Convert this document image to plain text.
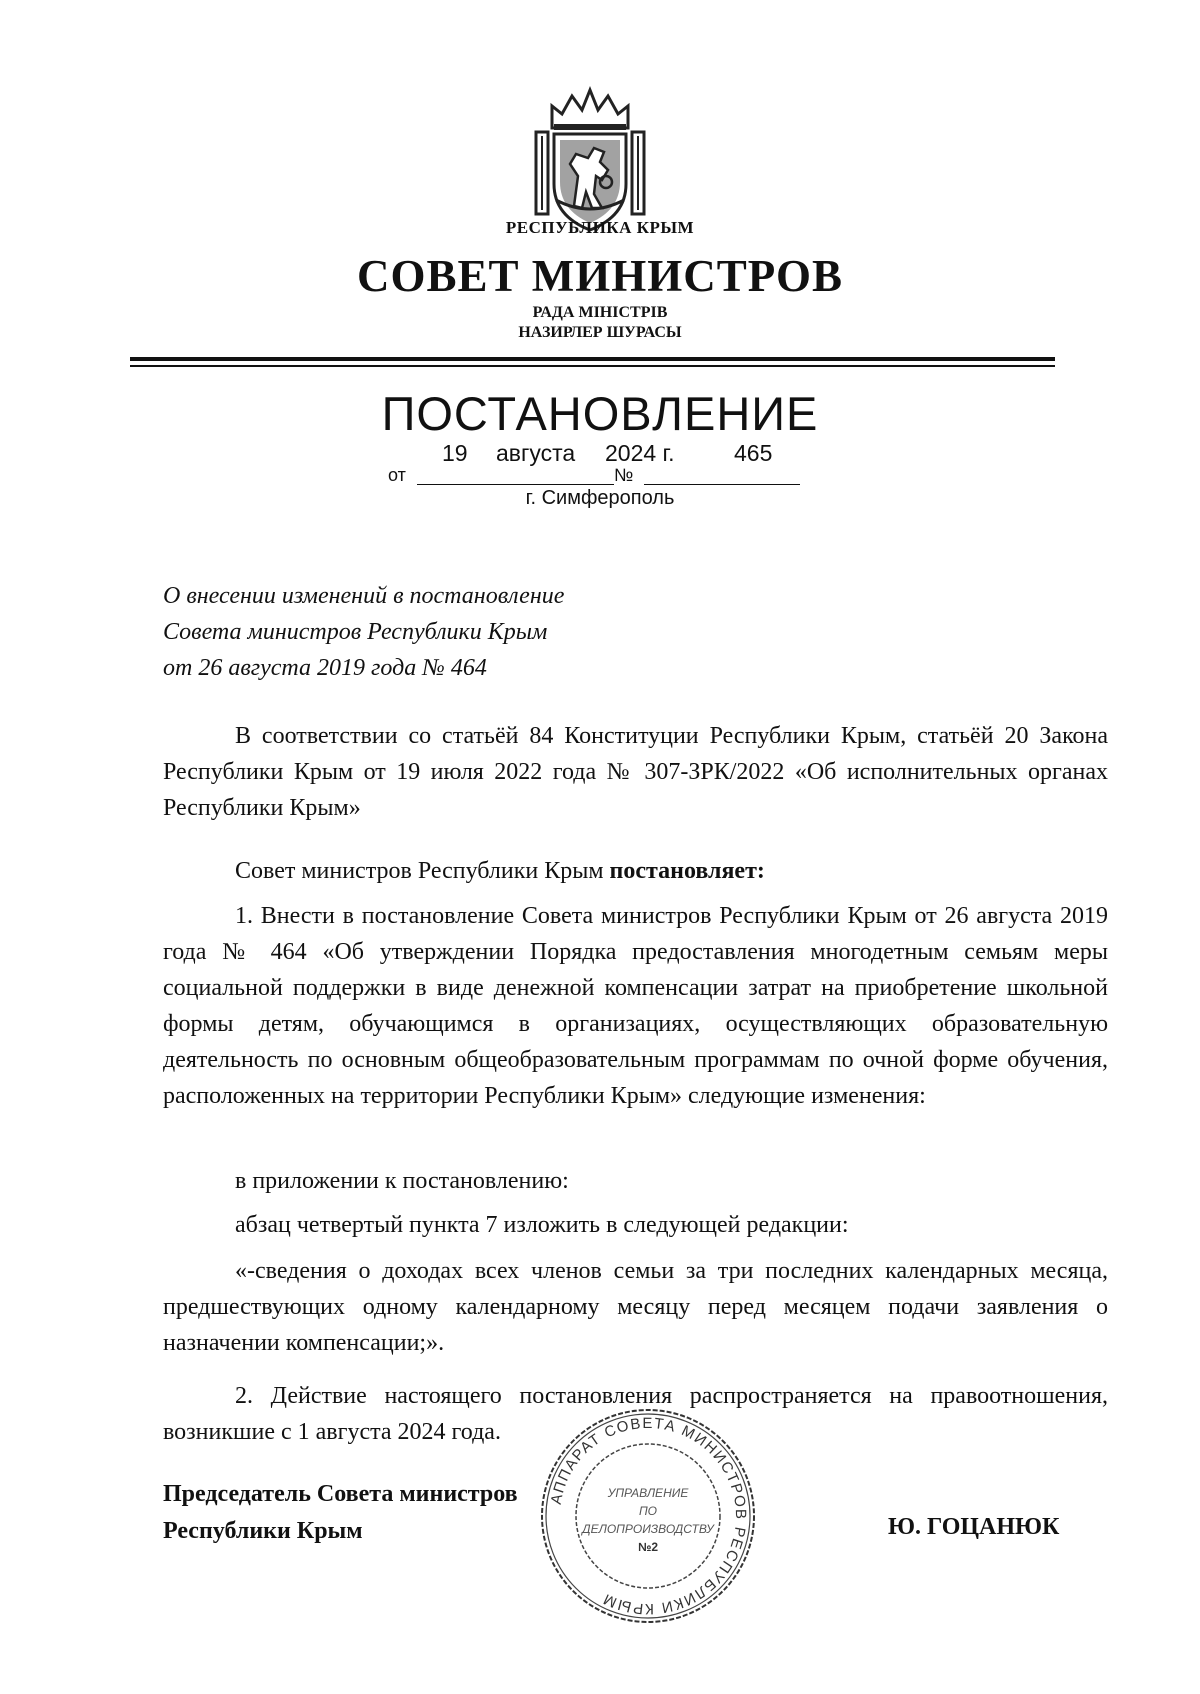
РЕСПУБЛИКА КРЫМ
СОВЕТ МИНИСТРОВ
РАДА МІНІСТРІВ
НАЗИРЛЕР ШУРАСЫ
ПОСТАНОВЛЕНИЕ
от	№
19 августа 2024 г.	465
г. Симферополь
О внесении изменений в постановление
Совета министров Республики Крым
от 26 августа 2019 года № 464

В соответствии со статьёй 84 Конституции Республики Крым, статьёй 20 Закона Республики Крым от 19 июля 2022 года № 307-ЗРК/2022 «Об исполнительных органах Республики Крым»

Совет министров Республики Крым постановляет:

1. Внести в постановление Совета министров Республики Крым от 26 августа 2019 года № 464 «Об утверждении Порядка предоставления многодетным семьям меры социальной поддержки в виде денежной компенсации затрат на приобретение школьной формы детям, обучающимся в организациях, осуществляющих образовательную деятельность по основным общеобразовательным программам по очной форме обучения, расположенных на территории Республики Крым» следующие изменения:

в приложении к постановлению:

абзац четвертый пункта 7 изложить в следующей редакции:

«-сведения о доходах всех членов семьи за три последних календарных месяца, предшествующих одному календарному месяцу перед месяцем подачи заявления о назначении компенсации;».

2. Действие настоящего постановления распространяется на правоотношения, возникшие с 1 августа 2024 года.

Председатель Совета министров
Республики Крым	Ю. ГОЦАНЮК
АППАРАТ СОВЕТА МИНИСТРОВ РЕСПУБЛИКИ КРЫМ
УПРАВЛЕНИЕ
ПО
ДЕЛОПРОИЗВОДСТВУ
№2
